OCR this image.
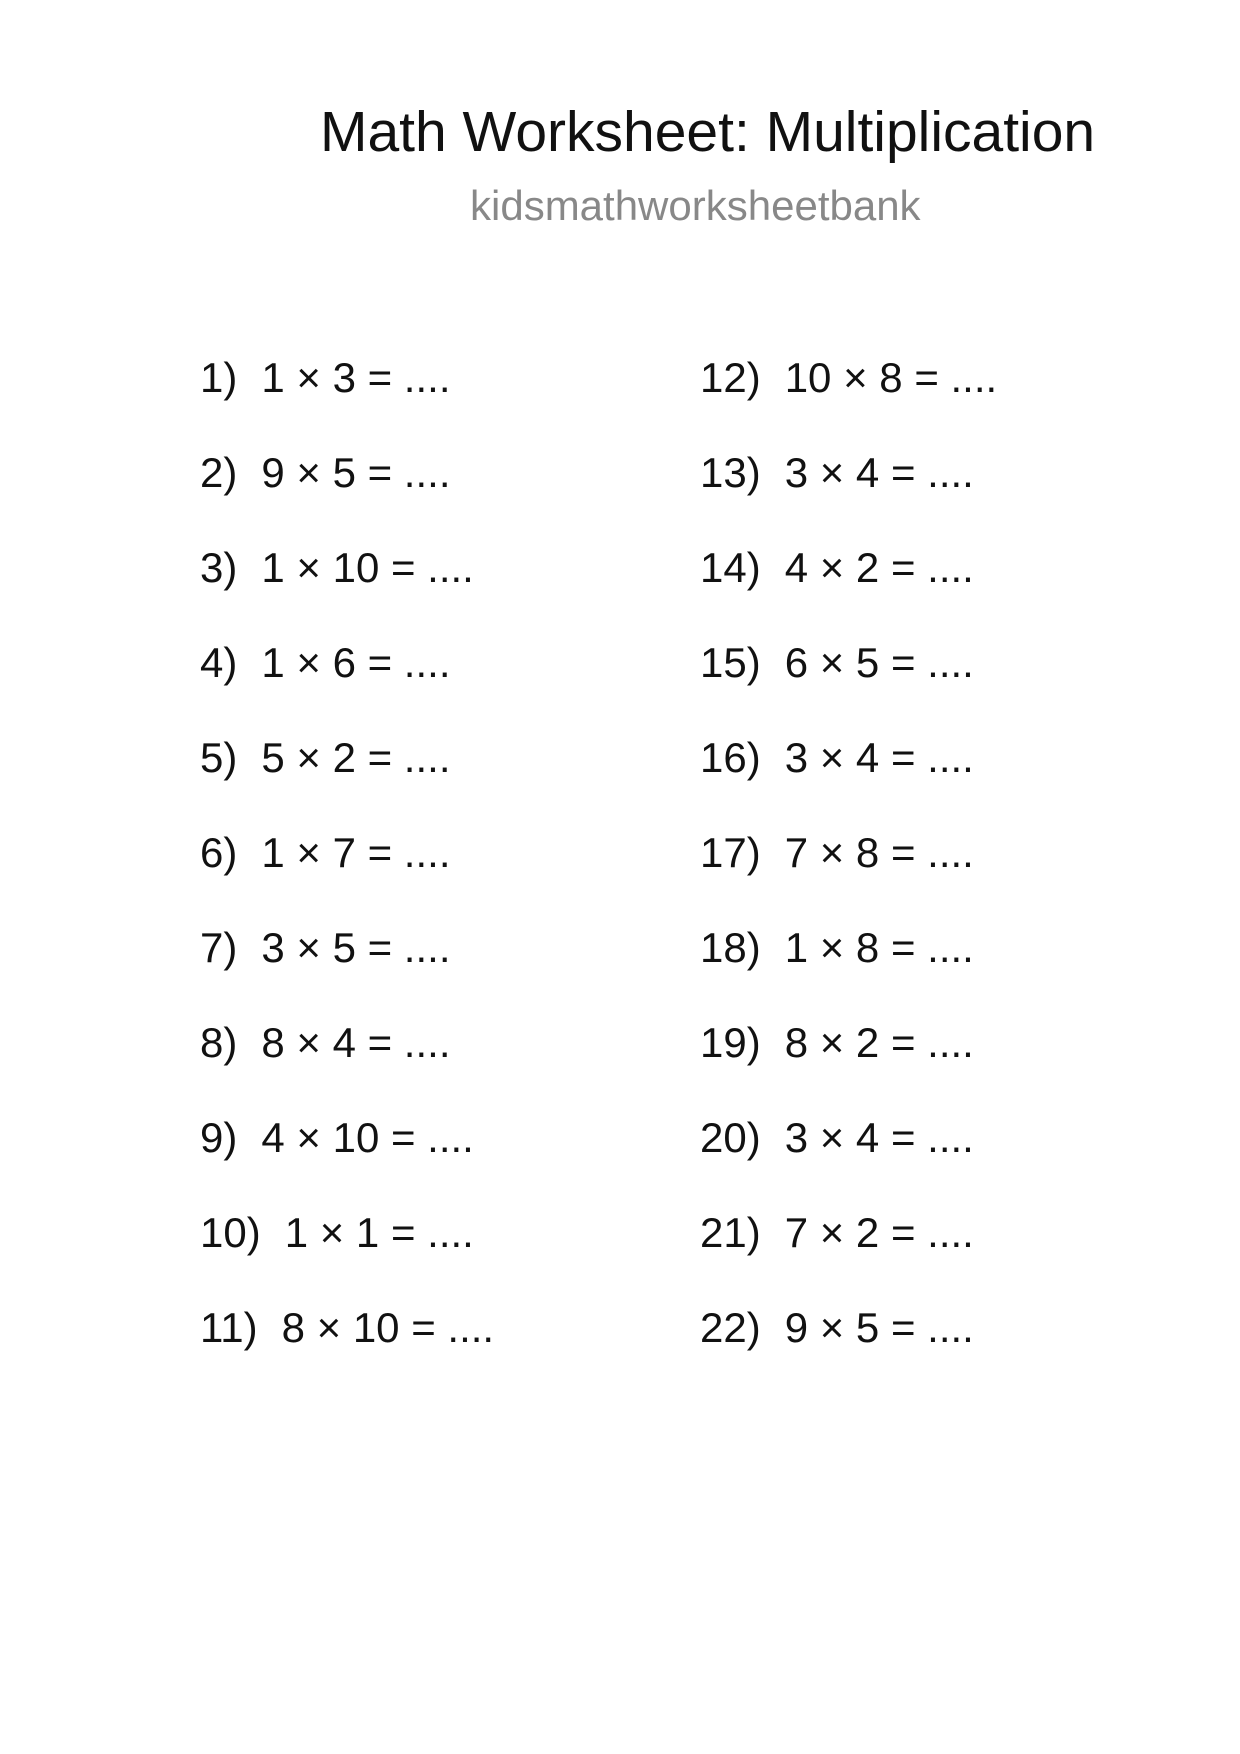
Math Worksheet: Multiplication
kidsmathworksheetbank
1) 1 × 3 = ....
2) 9 × 5 = ....
3) 1 × 10 = ....
4) 1 × 6 = ....
5) 5 × 2 = ....
6) 1 × 7 = ....
7) 3 × 5 = ....
8) 8 × 4 = ....
9) 4 × 10 = ....
10) 1 × 1 = ....
11) 8 × 10 = ....
12) 10 × 8 = ....
13) 3 × 4 = ....
14) 4 × 2 = ....
15) 6 × 5 = ....
16) 3 × 4 = ....
17) 7 × 8 = ....
18) 1 × 8 = ....
19) 8 × 2 = ....
20) 3 × 4 = ....
21) 7 × 2 = ....
22) 9 × 5 = ....
